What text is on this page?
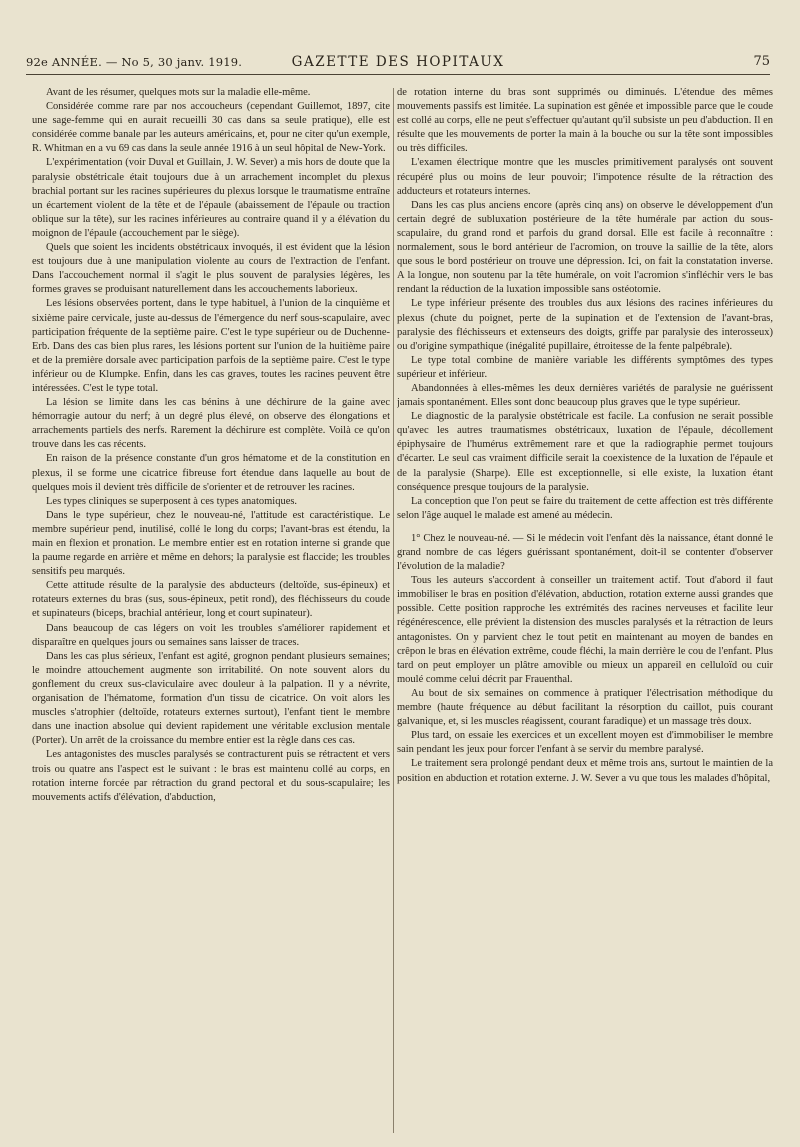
92e ANNÉE. — No 5, 30 janv. 1919.	GAZETTE DES HOPITAUX	75

Avant de les résumer, quelques mots sur la maladie elle-même.

Considérée comme rare par nos accoucheurs (cependant Guillemot, 1897, cite une sage-femme qui en aurait recueilli 30 cas dans sa seule pratique), elle est considérée comme banale par les auteurs américains, et, pour ne citer qu'un exemple, R. Whitman en a vu 69 cas dans la seule année 1916 à un seul hôpital de New-York.

L'expérimentation (voir Duval et Guillain, J. W. Sever) a mis hors de doute que la paralysie obstétricale était toujours due à un arrachement incomplet du plexus brachial portant sur les racines supérieures du plexus lorsque le traumatisme entraîne un écartement violent de la tête et de l'épaule (abaissement de l'épaule ou traction oblique sur la tête), sur les racines inférieures au contraire quand il y a élévation du moignon de l'épaule (accouchement par le siège).

Quels que soient les incidents obstétricaux invoqués, il est évident que la lésion est toujours due à une manipulation violente au cours de l'extraction de l'enfant. Dans l'accouchement normal il s'agit le plus souvent de paralysies légères, les formes graves se produisant naturellement dans les accouchements laborieux.

Les lésions observées portent, dans le type habituel, à l'union de la cinquième et sixième paire cervicale, juste au-dessus de l'émergence du nerf sous-scapulaire, avec participation fréquente de la septième paire. C'est le type supérieur ou de Duchenne-Erb. Dans des cas bien plus rares, les lésions portent sur l'union de la huitième paire et de la première dorsale avec participation parfois de la septième paire. C'est le type inférieur ou de Klumpke. Enfin, dans les cas graves, toutes les racines peuvent être intéressées. C'est le type total.

La lésion se limite dans les cas bénins à une déchirure de la gaine avec hémorragie autour du nerf; à un degré plus élevé, on observe des élongations et arrachements partiels des nerfs. Rarement la déchirure est complète. Voilà ce qu'on trouve dans les cas récents.

En raison de la présence constante d'un gros hématome et de la constitution en plexus, il se forme une cicatrice fibreuse fort étendue dans laquelle au bout de quelques mois il devient très difficile de s'orienter et de retrouver les racines.

Les types cliniques se superposent à ces types anatomiques.

Dans le type supérieur, chez le nouveau-né, l'attitude est caractéristique. Le membre supérieur pend, inutilisé, collé le long du corps; l'avant-bras est étendu, la main en flexion et pronation. Le membre entier est en rotation interne si grande que la paume regarde en arrière et même en dehors; la paralysie est flaccide; les troubles sensitifs peu marqués.

Cette attitude résulte de la paralysie des abducteurs (deltoïde, sus-épineux) et rotateurs externes du bras (sus, sous-épineux, petit rond), des fléchisseurs du coude et supinateurs (biceps, brachial antérieur, long et court supinateur).

Dans beaucoup de cas légers on voit les troubles s'améliorer rapidement et disparaître en quelques jours ou semaines sans laisser de traces.

Dans les cas plus sérieux, l'enfant est agité, grognon pendant plusieurs semaines; le moindre attouchement augmente son irritabilité. On note souvent alors du gonflement du creux sus-claviculaire avec douleur à la palpation. Il y a névrite, organisation de l'hématome, formation d'un tissu de cicatrice. On voit alors les muscles s'atrophier (deltoïde, rotateurs externes surtout), l'enfant tient le membre dans une inaction absolue qui devient rapidement une véritable exclusion mentale (Porter). Un arrêt de la croissance du membre entier est la règle dans ces cas.

Les antagonistes des muscles paralysés se contracturent puis se rétractent et vers trois ou quatre ans l'aspect est le suivant : le bras est maintenu collé au corps, en rotation interne forcée par rétraction du grand pectoral et du sous-scapulaire; les mouvements actifs d'élévation, d'abduction,

de rotation interne du bras sont supprimés ou diminués. L'étendue des mêmes mouvements passifs est limitée. La supination est gênée et impossible parce que le coude est collé au corps, elle ne peut s'effectuer qu'autant qu'il subsiste un peu d'abduction. Il en résulte que les mouvements de porter la main à la bouche ou sur la tête sont impossibles ou très difficiles.

L'examen électrique montre que les muscles primitivement paralysés ont souvent récupéré plus ou moins de leur pouvoir; l'impotence résulte de la rétraction des adducteurs et rotateurs internes.

Dans les cas plus anciens encore (après cinq ans) on observe le développement d'un certain degré de subluxation postérieure de la tête humérale par action du sous-scapulaire, du grand rond et parfois du grand dorsal. Elle est facile à reconnaître : normalement, sous le bord antérieur de l'acromion, on trouve la saillie de la tête, alors que sous le bord postérieur on trouve une dépression. Ici, on fait la constatation inverse. A la longue, non soutenu par la tête humérale, on voit l'acromion s'infléchir vers le bas rendant la réduction de la luxation impossible sans ostéotomie.

Le type inférieur présente des troubles dus aux lésions des racines inférieures du plexus (chute du poignet, perte de la supination et de l'extension de l'avant-bras, paralysie des fléchisseurs et extenseurs des doigts, griffe par paralysie des interosseux) ou d'origine sympathique (inégalité pupillaire, étroitesse de la fente palpébrale).

Le type total combine de manière variable les différents symptômes des types supérieur et inférieur.

Abandonnées à elles-mêmes les deux dernières variétés de paralysie ne guérissent jamais spontanément. Elles sont donc beaucoup plus graves que le type supérieur.

Le diagnostic de la paralysie obstétricale est facile. La confusion ne serait possible qu'avec les autres traumatismes obstétricaux, luxation de l'épaule, décollement épiphysaire de l'humérus extrêmement rare et que la radiographie permet toujours d'écarter. Le seul cas vraiment difficile serait la coexistence de la luxation de l'épaule et de la paralysie (Sharpe). Elle est exceptionnelle, si elle existe, la luxation étant conséquence presque toujours de la paralysie.

La conception que l'on peut se faire du traitement de cette affection est très différente selon l'âge auquel le malade est amené au médecin.

1° Chez le nouveau-né. — Si le médecin voit l'enfant dès la naissance, étant donné le grand nombre de cas légers guérissant spontanément, doit-il se contenter d'observer l'évolution de la maladie?

Tous les auteurs s'accordent à conseiller un traitement actif. Tout d'abord il faut immobiliser le bras en position d'élévation, abduction, rotation externe aussi grandes que possible. Cette position rapproche les extrémités des racines nerveuses et facilite leur régénérescence, elle prévient la distension des muscles paralysés et la rétraction de leurs antagonistes. On y parvient chez le tout petit en maintenant au moyen de bandes en crêpon le bras en élévation extrême, coude fléchi, la main derrière le cou de l'enfant. Plus tard on peut employer un plâtre amovible ou mieux un appareil en celluloïd ou cuir moulé comme celui décrit par Frauenthal.

Au bout de six semaines on commence à pratiquer l'électrisation méthodique du membre (haute fréquence au début facilitant la résorption du caillot, puis courant galvanique, et, si les muscles réagissent, courant faradique) et un massage très doux.

Plus tard, on essaie les exercices et un excellent moyen est d'immobiliser le membre sain pendant les jeux pour forcer l'enfant à se servir du membre paralysé.

Le traitement sera prolongé pendant deux et même trois ans, surtout le maintien de la position en abduction et rotation externe. J. W. Sever a vu que tous les malades d'hôpital,
